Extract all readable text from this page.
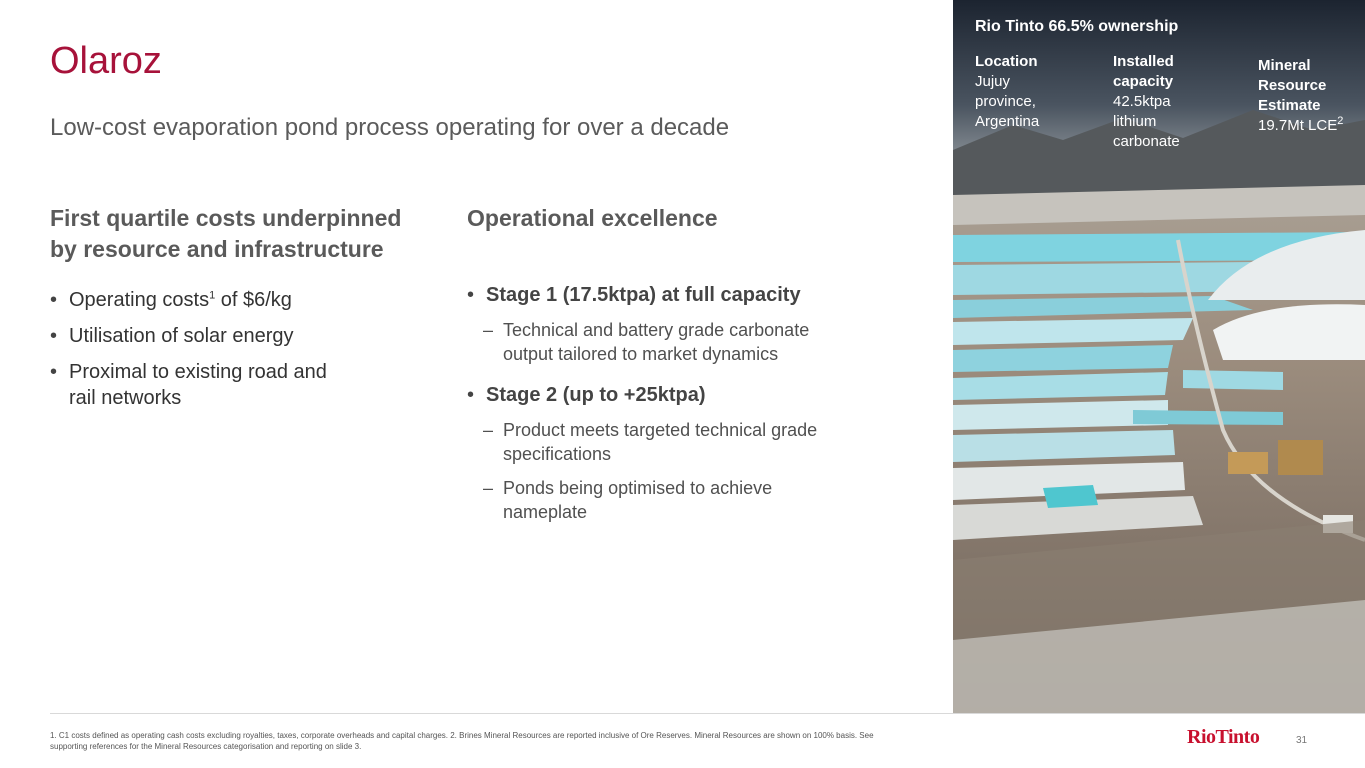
Olaroz
Low-cost evaporation pond process operating for over a decade
First quartile costs underpinned
by resource and infrastructure
• Operating costs$^1$ of $6/kg
• Utilisation of solar energy
• Proximal to existing road and
rail networks
Operational excellence
• Stage 1 (17.5ktpa) at full capacity
– Technical and battery grade carbonate
output tailored to market dynamics
• Stage 2 (up to +25ktpa)
– Product meets targeted technical grade
specifications
– Ponds being optimised to achieve
nameplate
Rio Tinto 66.5% ownership
Location
Jujuy
province,
Argentina
Installed
capacity
42.5ktpa
lithium
carbonate
Mineral
Resource
Estimate
19.7Mt LCE$^2$
1. C1 costs defined as operating cash costs excluding royalties, taxes, corporate overheads and capital charges. 2. Brines Mineral Resources are reported inclusive of Ore Reserves. Mineral Resources are shown on 100% basis. See supporting references for the Mineral Resources categorisation and reporting on slide 3.	RioTinto	31
